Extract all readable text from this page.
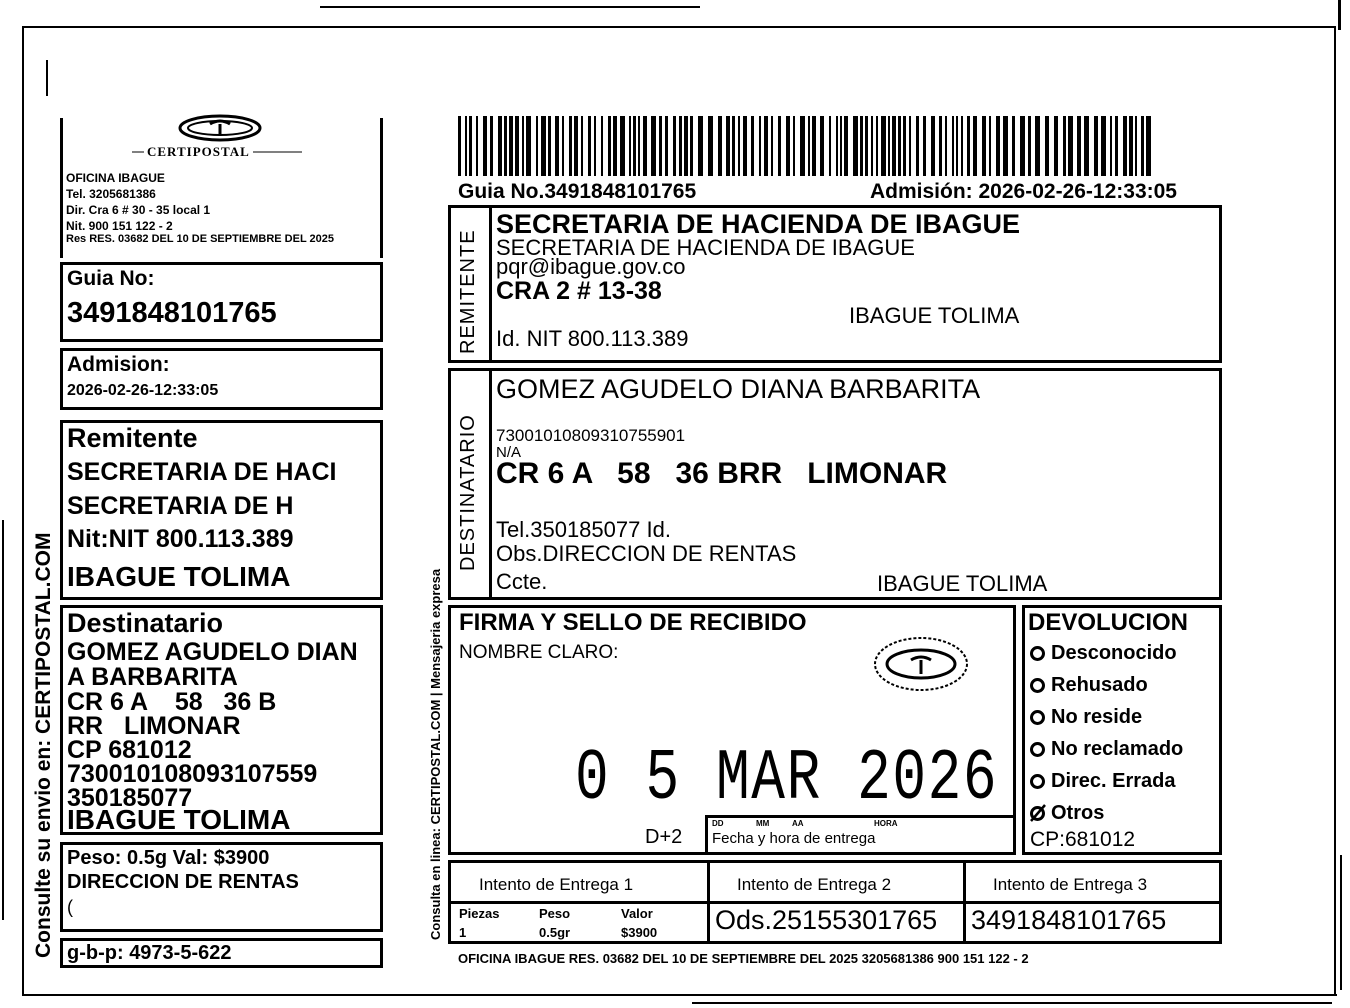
Consulte su envio en: CERTIPOSTAL.COM
CERTIPOSTAL
OFICINA IBAGUE
Tel. 3205681386
Dir. Cra 6 # 30 - 35 local 1
Nit. 900 151 122 - 2
Res RES. 03682 DEL 10 DE SEPTIEMBRE DEL 2025
Guia No:
3491848101765
Admision:
2026-02-26-12:33:05
Remitente
SECRETARIA DE HACI
SECRETARIA DE H
Nit:NIT 800.113.389
IBAGUE TOLIMA
Destinatario
GOMEZ AGUDELO DIAN
A BARBARITA
CR 6 A    58   36 B
RR   LIMONAR
CP 681012
730010108093107559
350185077
IBAGUE TOLIMA
Peso: 0.5g Val: $3900
DIRECCION DE RENTAS
(
g-b-p: 4973-5-622
Consulta en linea: CERTIPOSTAL.COM | Mensajeria expresa
Guia No.3491848101765	Admisión: 2026-02-26-12:33:05
REMITENTE
SECRETARIA DE HACIENDA DE IBAGUE
SECRETARIA DE HACIENDA DE IBAGUE
pqr@ibague.gov.co
CRA 2 # 13-38
IBAGUE TOLIMA
Id. NIT 800.113.389
DESTINATARIO
GOMEZ AGUDELO DIANA BARBARITA
73001010809310755901
N/A
CR 6 A   58   36 BRR   LIMONAR
Tel.350185077 Id.
Obs.DIRECCION DE RENTAS
Ccte.	IBAGUE TOLIMA
FIRMA Y SELLO DE RECIBIDO
NOMBRE CLARO:
0 5 MAR 2026
DD	MM	AA	HORA
Fecha y hora de entrega
D+2
DEVOLUCION
Desconocido
Rehusado
No reside
No reclamado
Direc. Errada
Otros
CP:681012
Intento de Entrega 1	Intento de Entrega 2	Intento de Entrega 3
Piezas	Peso	Valor
1	0.5gr	$3900 Ods.25155301765 3491848101765
OFICINA IBAGUE RES. 03682 DEL 10 DE SEPTIEMBRE DEL 2025 3205681386 900 151 122 - 2
